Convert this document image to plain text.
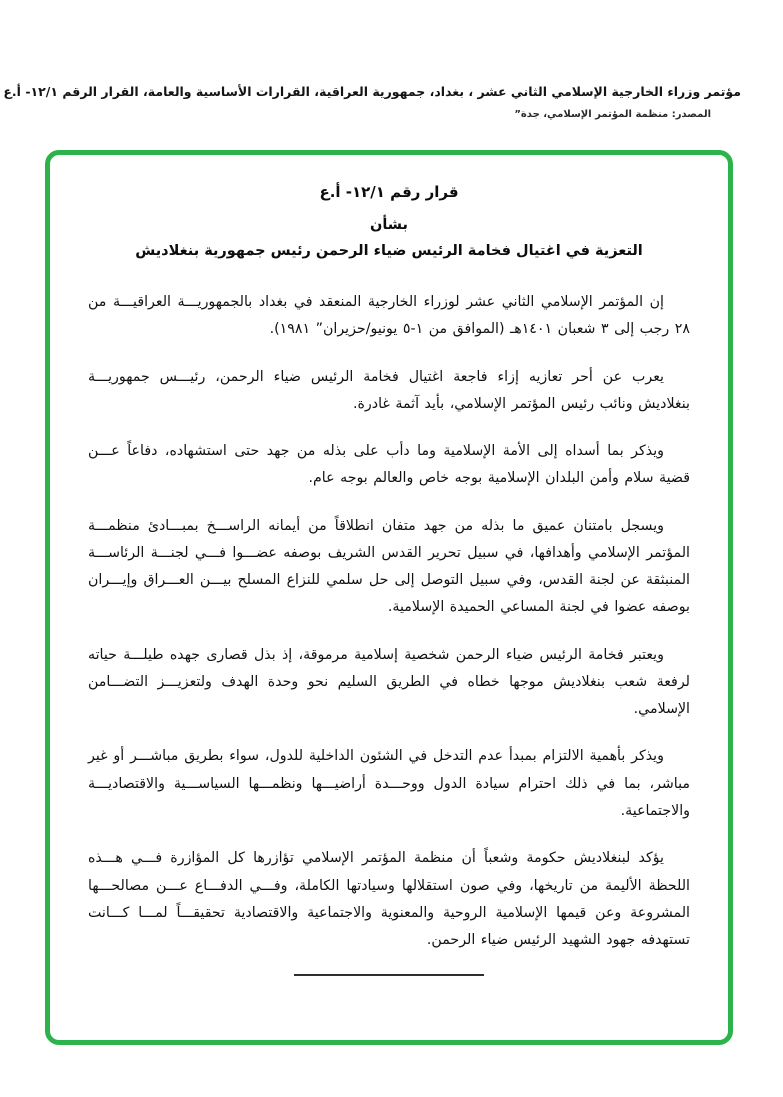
مؤتمر وزراء الخارجية الإسلامي الثاني عشر ، بغداد، جمهورية العراقية، القرارات الأساسية والعامة، القرار الرقم ١٢/١- أ.ع
المصدر: منظمة المؤتمر الإسلامي، جدة”
قرار رقم ١٢/١- أ.ع
بشأن
التعزية في اغتيال فخامة الرئيس ضياء الرحمن رئيس جمهورية بنغلاديش

إن المؤتمر الإسلامي الثاني عشر لوزراء الخارجية المنعقد في بغداد بالجمهوريـــة العراقيـــة من ٢٨ رجب إلى ٣ شعبان ١٤٠١هـ (الموافق من ١-٥ يونيو/حزيران” ١٩٨١).

يعرب عن أحر تعازيه إزاء فاجعة اغتيال فخامة الرئيس ضياء الرحمن، رئيـــس جمهوريـــة بنغلاديش ونائب رئيس المؤتمر الإسلامي، بأيد آثمة غادرة.

ويذكر بما أسداه إلى الأمة الإسلامية وما دأب على بذله من جهد حتى استشهاده، دفاعاً عـــن قضية سلام وأمن البلدان الإسلامية بوجه خاص والعالم بوجه عام.

ويسجل بامتنان عميق ما بذله من جهد متفان انطلاقاً من أيمانه الراســـخ بمبـــادئ منظمـــة المؤتمر الإسلامي وأهدافها، في سبيل تحرير القدس الشريف بوصفه عضـــوا فـــي لجنـــة الرئاســـة المنبثقة عن لجنة القدس، وفي سبيل التوصل إلى حل سلمي للنزاع المسلح بيـــن العـــراق وإيـــران بوصفه عضوا في لجنة المساعي الحميدة الإسلامية.

ويعتبر فخامة الرئيس ضياء الرحمن شخصية إسلامية مرموقة، إذ بذل قصارى جهده طيلـــة حياته لرفعة شعب بنغلاديش موجها خطاه في الطريق السليم نحو وحدة الهدف ولتعزيـــز التضـــامن الإسلامي.

ويذكر بأهمية الالتزام بمبدأ عدم التدخل في الشئون الداخلية للدول، سواء بطريق مباشـــر أو غير مباشر، بما في ذلك احترام سيادة الدول ووحـــدة أراضيـــها ونظمـــها السياســـية والاقتصاديـــة والاجتماعية.

يؤكد لبنغلاديش حكومة وشعباً أن منظمة المؤتمر الإسلامي تؤازرها كل المؤازرة فـــي هـــذه اللحظة الأليمة من تاريخها، وفي صون استقلالها وسيادتها الكاملة، وفـــي الدفـــاع عـــن مصالحـــها المشروعة وعن قيمها الإسلامية الروحية والمعنوية والاجتماعية والاقتصادية تحقيقـــاً لمـــا كـــانت تستهدفه جهود الشهيد الرئيس ضياء الرحمن.
